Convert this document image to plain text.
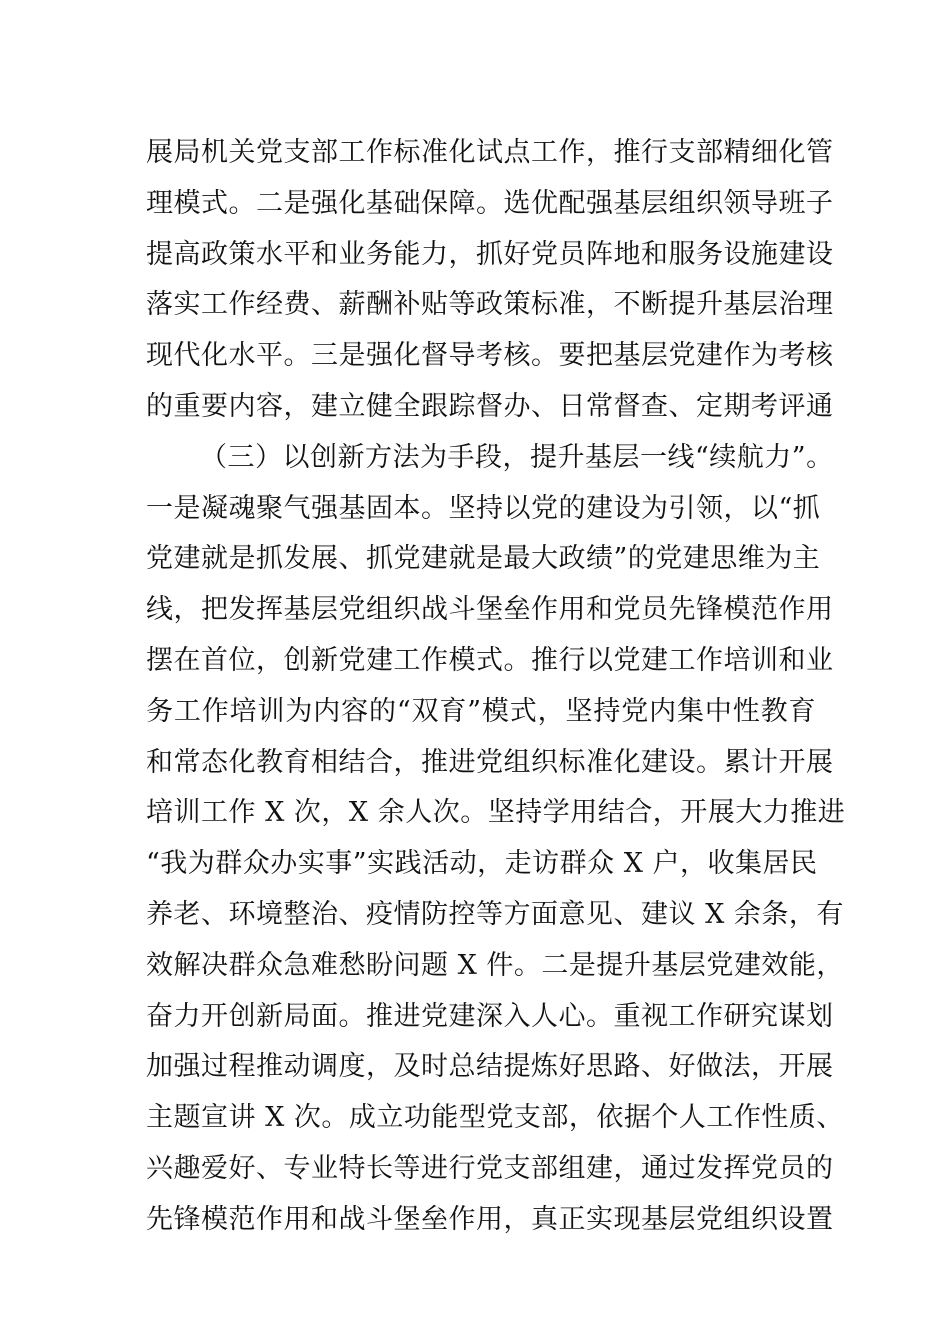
展局机关党支部工作标准化试点工作，推行支部精细化管
理模式。二是强化基础保障。选优配强基层组织领导班子
提高政策水平和业务能力，抓好党员阵地和服务设施建设
落实工作经费、薪酬补贴等政策标准，不断提升基层治理
现代化水平。三是强化督导考核。要把基层党建作为考核
的重要内容，建立健全跟踪督办、日常督查、定期考评通
（三）以创新方法为手段，提升基层一线“续航力”。
一是凝魂聚气强基固本。坚持以党的建设为引领，以“抓
党建就是抓发展、抓党建就是最大政绩”的党建思维为主
线，把发挥基层党组织战斗堡垒作用和党员先锋模范作用
摆在首位，创新党建工作模式。推行以党建工作培训和业
务工作培训为内容的“双育”模式，坚持党内集中性教育
和常态化教育相结合，推进党组织标准化建设。累计开展
培训工作 X 次，X 余人次。坚持学用结合，开展大力推进
“我为群众办实事”实践活动，走访群众 X 户，收集居民
养老、环境整治、疫情防控等方面意见、建议 X 余条，有
效解决群众急难愁盼问题 X 件。二是提升基层党建效能，
奋力开创新局面。推进党建深入人心。重视工作研究谋划
加强过程推动调度，及时总结提炼好思路、好做法，开展
主题宣讲 X 次。成立功能型党支部，依据个人工作性质、
兴趣爱好、专业特长等进行党支部组建，通过发挥党员的
先锋模范作用和战斗堡垒作用，真正实现基层党组织设置
